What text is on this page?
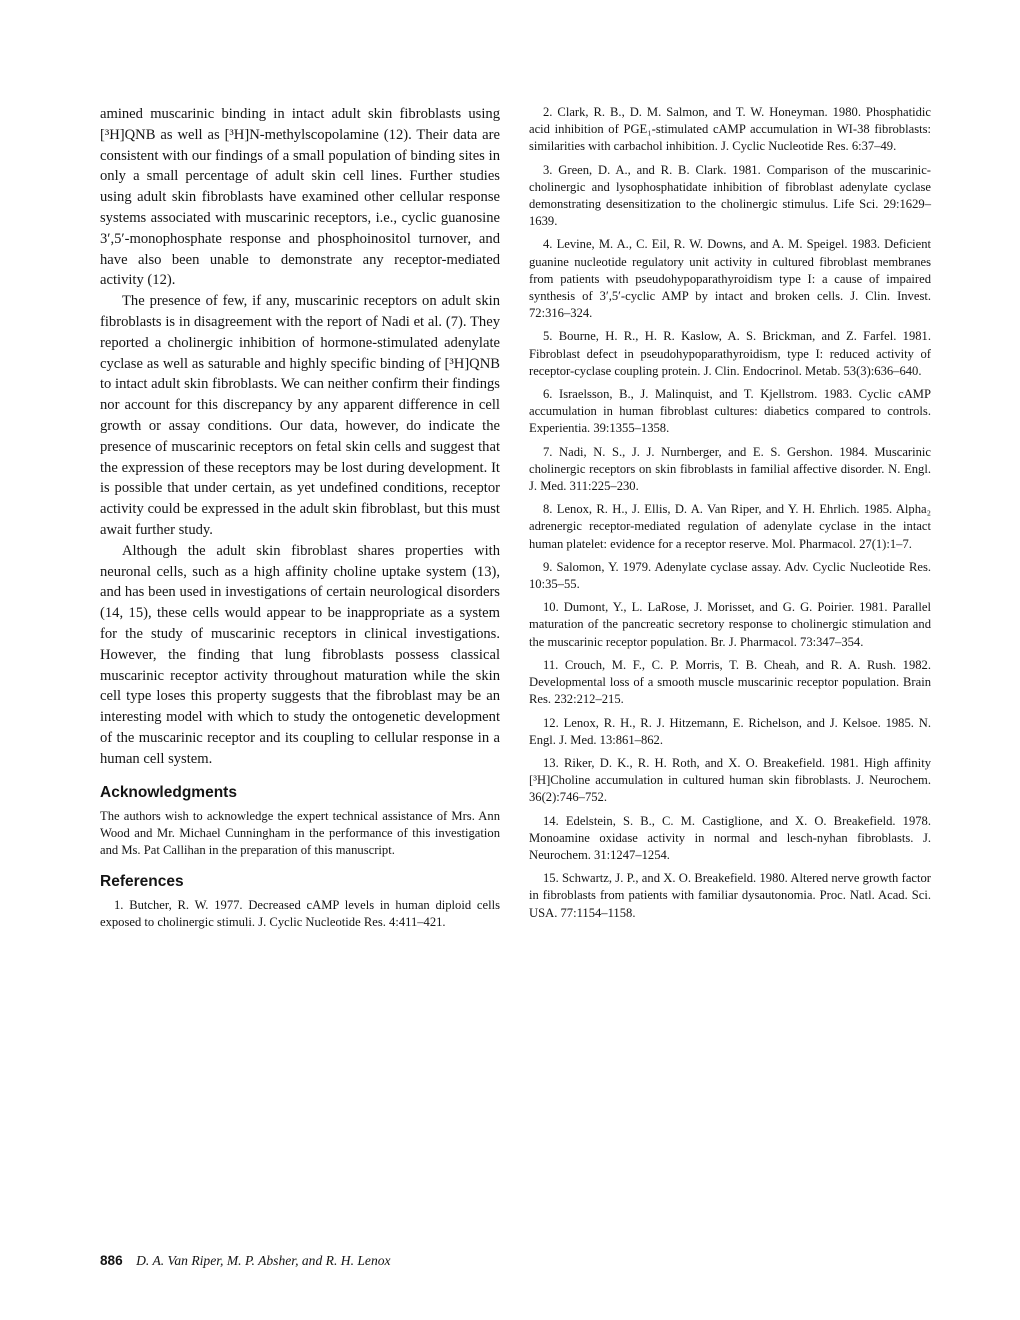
amined muscarinic binding in intact adult skin fibroblasts using [³H]QNB as well as [³H]N-methylscopolamine (12). Their data are consistent with our findings of a small population of binding sites in only a small percentage of adult skin cell lines. Further studies using adult skin fibroblasts have examined other cellular response systems associated with muscarinic receptors, i.e., cyclic guanosine 3′,5′-monophosphate response and phosphoinositol turnover, and have also been unable to demonstrate any receptor-mediated activity (12).

The presence of few, if any, muscarinic receptors on adult skin fibroblasts is in disagreement with the report of Nadi et al. (7). They reported a cholinergic inhibition of hormone-stimulated adenylate cyclase as well as saturable and highly specific binding of [³H]QNB to intact adult skin fibroblasts. We can neither confirm their findings nor account for this discrepancy by any apparent difference in cell growth or assay conditions. Our data, however, do indicate the presence of muscarinic receptors on fetal skin cells and suggest that the expression of these receptors may be lost during development. It is possible that under certain, as yet undefined conditions, receptor activity could be expressed in the adult skin fibroblast, but this must await further study.

Although the adult skin fibroblast shares properties with neuronal cells, such as a high affinity choline uptake system (13), and has been used in investigations of certain neurological disorders (14, 15), these cells would appear to be inappropriate as a system for the study of muscarinic receptors in clinical investigations. However, the finding that lung fibroblasts possess classical muscarinic receptor activity throughout maturation while the skin cell type loses this property suggests that the fibroblast may be an interesting model with which to study the ontogenetic development of the muscarinic receptor and its coupling to cellular response in a human cell system.

Acknowledgments

The authors wish to acknowledge the expert technical assistance of Mrs. Ann Wood and Mr. Michael Cunningham in the performance of this investigation and Ms. Pat Callihan in the preparation of this manuscript.

References

1. Butcher, R. W. 1977. Decreased cAMP levels in human diploid cells exposed to cholinergic stimuli. J. Cyclic Nucleotide Res. 4:411–421.

2. Clark, R. B., D. M. Salmon, and T. W. Honeyman. 1980. Phosphatidic acid inhibition of PGE₁-stimulated cAMP accumulation in WI-38 fibroblasts: similarities with carbachol inhibition. J. Cyclic Nucleotide Res. 6:37–49.

3. Green, D. A., and R. B. Clark. 1981. Comparison of the muscarinic-cholinergic and lysophosphatidate inhibition of fibroblast adenylate cyclase demonstrating desensitization to the cholinergic stimulus. Life Sci. 29:1629–1639.

4. Levine, M. A., C. Eil, R. W. Downs, and A. M. Speigel. 1983. Deficient guanine nucleotide regulatory unit activity in cultured fibroblast membranes from patients with pseudohypoparathyroidism type I: a cause of impaired synthesis of 3′,5′-cyclic AMP by intact and broken cells. J. Clin. Invest. 72:316–324.

5. Bourne, H. R., H. R. Kaslow, A. S. Brickman, and Z. Farfel. 1981. Fibroblast defect in pseudohypoparathyroidism, type I: reduced activity of receptor-cyclase coupling protein. J. Clin. Endocrinol. Metab. 53(3):636–640.

6. Israelsson, B., J. Malinquist, and T. Kjellstrom. 1983. Cyclic cAMP accumulation in human fibroblast cultures: diabetics compared to controls. Experientia. 39:1355–1358.

7. Nadi, N. S., J. J. Nurnberger, and E. S. Gershon. 1984. Muscarinic cholinergic receptors on skin fibroblasts in familial affective disorder. N. Engl. J. Med. 311:225–230.

8. Lenox, R. H., J. Ellis, D. A. Van Riper, and Y. H. Ehrlich. 1985. Alpha₂ adrenergic receptor-mediated regulation of adenylate cyclase in the intact human platelet: evidence for a receptor reserve. Mol. Pharmacol. 27(1):1–7.

9. Salomon, Y. 1979. Adenylate cyclase assay. Adv. Cyclic Nucleotide Res. 10:35–55.

10. Dumont, Y., L. LaRose, J. Morisset, and G. G. Poirier. 1981. Parallel maturation of the pancreatic secretory response to cholinergic stimulation and the muscarinic receptor population. Br. J. Pharmacol. 73:347–354.

11. Crouch, M. F., C. P. Morris, T. B. Cheah, and R. A. Rush. 1982. Developmental loss of a smooth muscle muscarinic receptor population. Brain Res. 232:212–215.

12. Lenox, R. H., R. J. Hitzemann, E. Richelson, and J. Kelsoe. 1985. N. Engl. J. Med. 13:861–862.

13. Riker, D. K., R. H. Roth, and X. O. Breakefield. 1981. High affinity [³H]Choline accumulation in cultured human skin fibroblasts. J. Neurochem. 36(2):746–752.

14. Edelstein, S. B., C. M. Castiglione, and X. O. Breakefield. 1978. Monoamine oxidase activity in normal and lesch-nyhan fibroblasts. J. Neurochem. 31:1247–1254.

15. Schwartz, J. P., and X. O. Breakefield. 1980. Altered nerve growth factor in fibroblasts from patients with familiar dysautonomia. Proc. Natl. Acad. Sci. USA. 77:1154–1158.

886 D. A. Van Riper, M. P. Absher, and R. H. Lenox
